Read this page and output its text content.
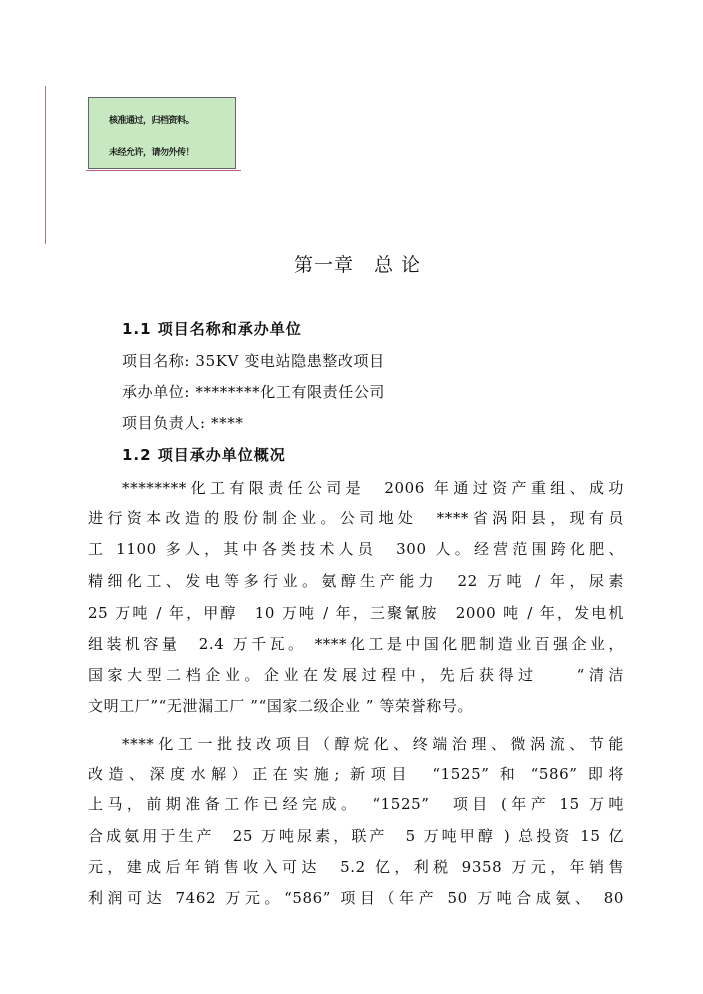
核准通过，归档资料。
未经允许，请勿外传！
第一章　总 论
1.1 项目名称和承办单位
项目名称: 35KV 变电站隐患整改项目
承办单位: ********化工有限责任公司
项目负责人: ****
1.2 项目承办单位概况
********化工有限责任公司是　2006 年通过资产重组、成功
进行资本改造的股份制企业。公司地处　****省涡阳县，现有员
工 1100 多人，其中各类技术人员　300 人。经营范围跨化肥、
精细化工、发电等多行业。氨醇生产能力　22 万吨 / 年，尿素
25 万吨 / 年，甲醇　10 万吨 / 年，三聚氰胺　2000 吨 / 年，发电机
组装机容量　2.4 万千瓦。 ****化工是中国化肥制造业百强企业，
国家大型二档企业。企业在发展过程中，先后获得过　　“清洁
文明工厂”“无泄漏工厂 ”“国家二级企业 ” 等荣誉称号。
****化工一批技改项目（醇烷化、终端治理、微涡流、节能
改造、深度水解）正在实施; 新项目　“1525” 和 “586” 即将
上马，前期准备工作已经完成。　“1525”　项目 (年产 15 万吨
合成氨用于生产　25 万吨尿素，联产　5 万吨甲醇 ) 总投资 15 亿
元，建成后年销售收入可达　5.2 亿，利税 9358 万元，年销售
利润可达 7462 万元。“586” 项目（年产 50 万吨合成氨、 80
